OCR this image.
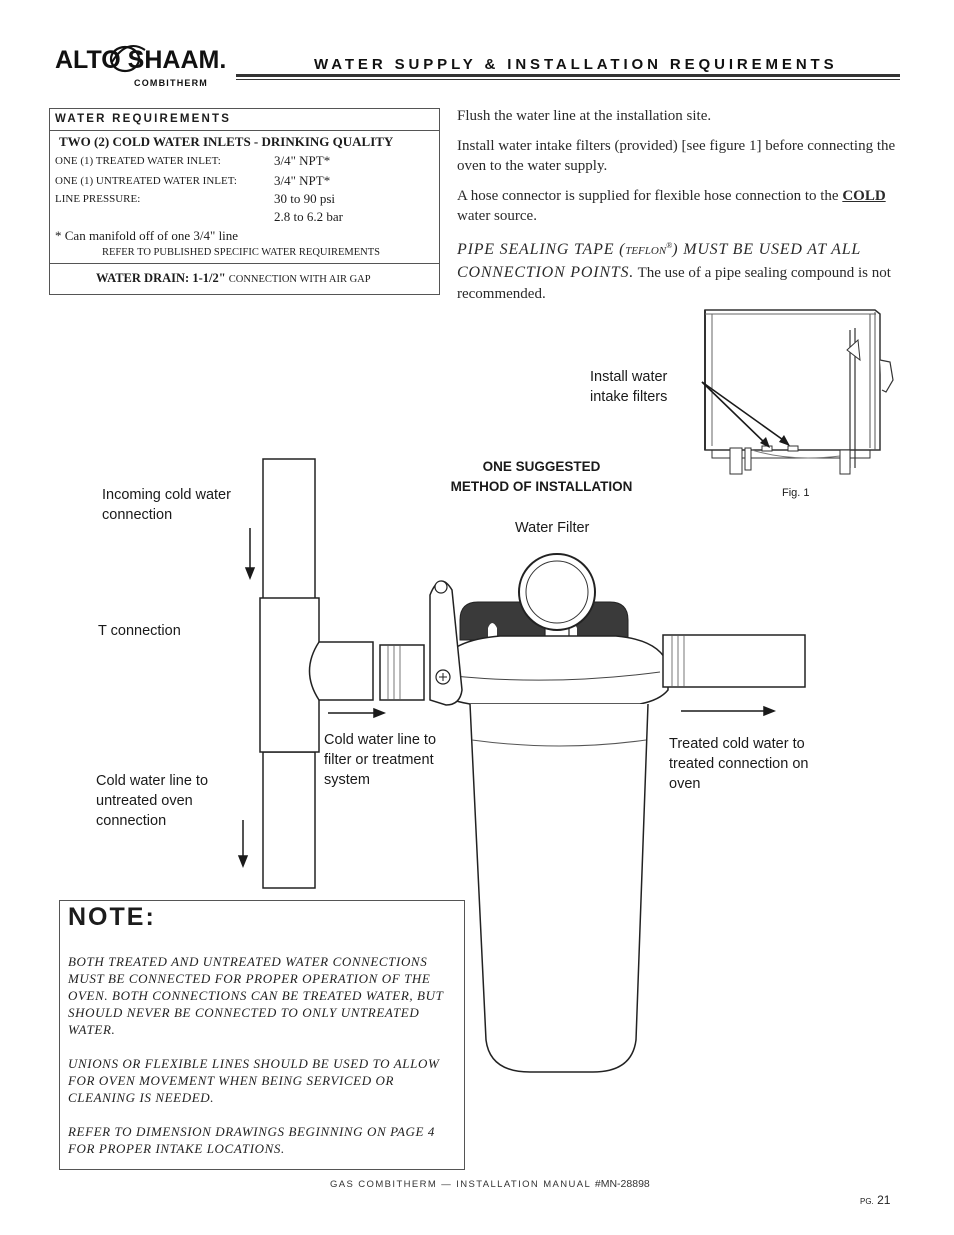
ALTO SHAAM.
COMBITHERM
WATER SUPPLY & INSTALLATION REQUIREMENTS
WATER REQUIREMENTS
TWO (2) COLD WATER INLETS - DRINKING QUALITY
ONE (1) TREATED WATER INLET:	3/4" NPT*
ONE (1) UNTREATED WATER INLET:	3/4" NPT*
LINE PRESSURE:	30 to 90 psi
2.8 to 6.2 bar
* Can manifold off of one 3/4" line
REFER TO PUBLISHED SPECIFIC WATER REQUIREMENTS
WATER DRAIN: 1-1/2" CONNECTION WITH AIR GAP
Flush the water line at the installation site.
Install water intake filters (provided) [see figure 1] before connecting the oven to the water supply.
A hose connector is supplied for flexible hose connection to the COLD water source.
PIPE SEALING TAPE (TEFLON®) MUST BE USED AT ALL CONNECTION POINTS. The use of a pipe sealing compound is not recommended.
Install water intake filters
Fig. 1
ONE SUGGESTED
METHOD OF INSTALLATION
Water Filter
Incoming cold water connection
T connection
Cold water line to filter or treatment system
Treated cold water to treated connection on oven
Cold water line to untreated oven connection
NOTE:
BOTH TREATED AND UNTREATED WATER CONNECTIONS MUST BE CONNECTED FOR PROPER OPERATION OF THE OVEN. BOTH CONNECTIONS CAN BE TREATED WATER, BUT SHOULD NEVER BE CONNECTED TO ONLY UNTREATED WATER.
UNIONS OR FLEXIBLE LINES SHOULD BE USED TO ALLOW FOR OVEN MOVEMENT WHEN BEING SERVICED OR CLEANING IS NEEDED.
REFER TO DIMENSION DRAWINGS BEGINNING ON PAGE 4 FOR PROPER INTAKE LOCATIONS.
GAS COMBITHERM — INSTALLATION MANUAL #MN-28898
PG. 21
